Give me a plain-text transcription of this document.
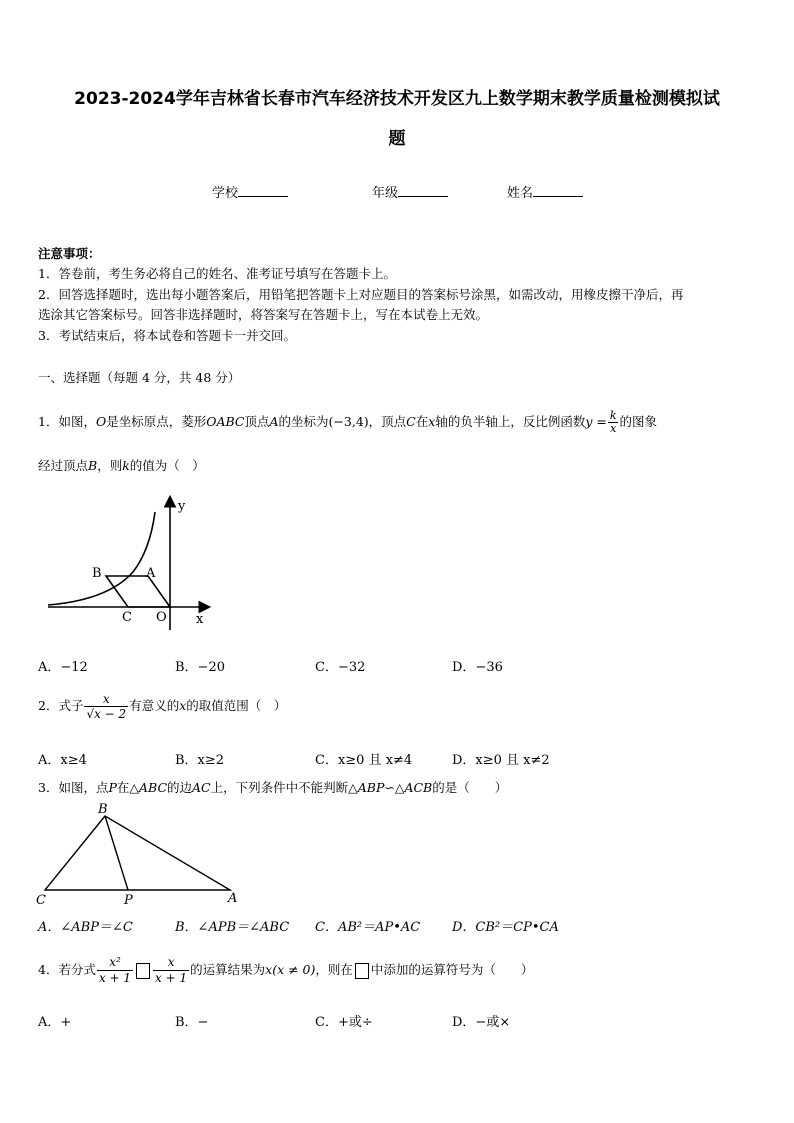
2023-2024学年吉林省长春市汽车经济技术开发区九上数学期末教学质量检测模拟试
题
学校	年级	姓名
注意事项：
1．答卷前，考生务必将自己的姓名、准考证号填写在答题卡上。
2．回答选择题时，选出每小题答案后，用铅笔把答题卡上对应题目的答案标号涂黑，如需改动，用橡皮擦干净后，再
选涂其它答案标号。回答非选择题时，将答案写在答题卡上，写在本试卷上无效。
3．考试结束后，将本试卷和答题卡一并交回。
一、选择题（每题 4 分，共 48 分）
1．如图，O是坐标原点，菱形OABC顶点A的坐标为(−3,4)，顶点C在x轴的负半轴上，反比例函数$y = \frac{k}{x}$ 的图象
经过顶点B，则k的值为（　）
y
x
B	A
C O
A．−12	B．−20	C．−32	D．−36
2．式子 $\frac{x}{√x - 2}$ 有意义的x的取值范围（　）
A．x≥4	B．x≥2	C．x≥0 且 x≠4	D．x≥0 且 x≠2
3．如图，点P在△ABC的边AC上，下列条件中不能判断△ABP∽△ACB的是（　　）
B
C	P	A
A．∠ABP＝∠C	B．∠APB＝∠ABC C．AB²＝AP•AC D．CB²＝CP•CA
4．若分式 $\frac{\text{x²}}{x + 1} \frac{x}{x + 1}$ 的运算结果为x(x ≠ 0)，则在 中添加的运算符号为（　　）
A．+	B．−	C．+或÷	D．−或×
